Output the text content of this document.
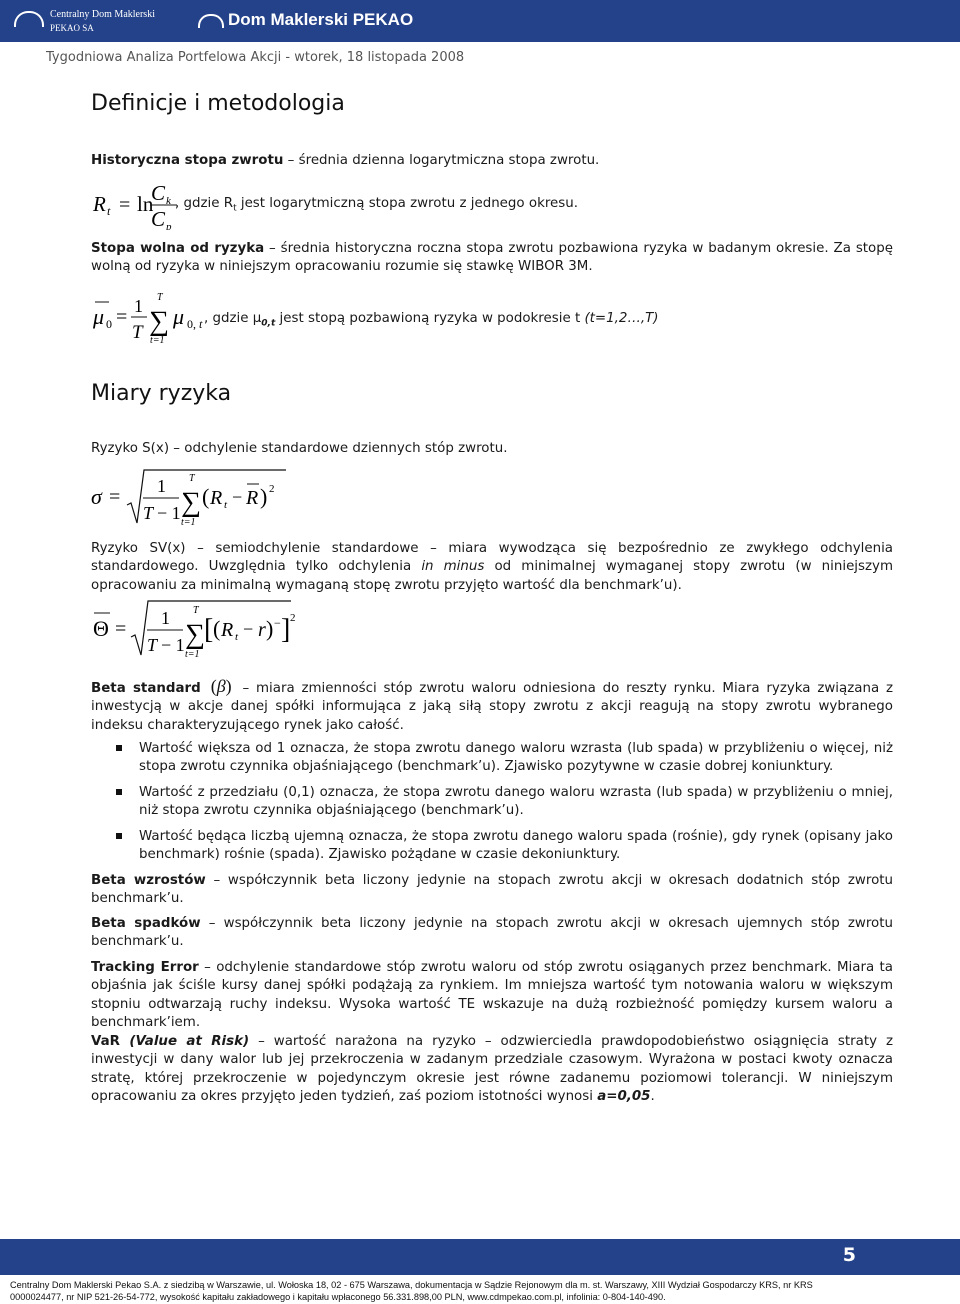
Centralny Dom Maklerski
PEKAO SA	Dom Maklerski PEKAO
Tygodniowa Analiza Portfelowa Akcji - wtorek, 18 listopada 2008
Definicje i metodologia
Historyczna stopa zwrotu – średnia dzienna logarytmiczna stopa zwrotu.
R t = ln
C k
C p
, gdzie $R_t$ jest logarytmiczną stopa zwrotu z jednego okresu.
Stopa wolna od ryzyka – średnia historyczna roczna stopa zwrotu pozbawiona ryzyka w badanym okresie. Za stopę wolną od ryzyka w niniejszym opracowaniu rozumie się stawkę WIBOR 3M.
μ 0 = 1
T
T
∑
t=1
μ 0, t , gdzie $\mu_{0,t}$ jest stopą pozbawioną ryzyka w podokresie t (t=1,2…,T)
Miary ryzyka
Ryzyko S(x) – odchylenie standardowe dziennych stóp zwrotu.
σ = 1
T − 1
T
∑
t=1
( R t − R ) 2
Ryzyko SV(x) – semiodchylenie standardowe – miara wywodząca się bezpośrednio ze zwykłego odchylenia standardowego. Uwzględnia tylko odchylenia in minus od minimalnej wymaganej stopy zwrotu (w niniejszym opracowaniu za minimalną wymaganą stopę zwrotu przyjęto wartość dla benchmark’u).
Θ = 1
T − 1
T
∑
t=1
[ ( R t − r ) − ] 2
Beta standard (β) – miara zmienności stóp zwrotu waloru odniesiona do reszty rynku. Miara ryzyka związana z inwestycją w akcje danej spółki informująca z jaką siłą stopy zwrotu z akcji reagują na stopy zwrotu wybranego indeksu charakteryzującego rynek jako całość.
Wartość większa od 1 oznacza, że stopa zwrotu danego waloru wzrasta (lub spada) w przybliżeniu o więcej, niż stopa zwrotu czynnika objaśniającego (benchmark’u). Zjawisko pozytywne w czasie dobrej koniunktury.
Wartość z przedziału (0,1) oznacza, że stopa zwrotu danego waloru wzrasta (lub spada) w przybliżeniu o mniej, niż stopa zwrotu czynnika objaśniającego (benchmark’u).
Wartość będąca liczbą ujemną oznacza, że stopa zwrotu danego waloru spada (rośnie), gdy rynek (opisany jako benchmark) rośnie (spada). Zjawisko pożądane w czasie dekoniunktury.
Beta wzrostów – współczynnik beta liczony jedynie na stopach zwrotu akcji w okresach dodatnich stóp zwrotu benchmark’u.
Beta spadków – współczynnik beta liczony jedynie na stopach zwrotu akcji w okresach ujemnych stóp zwrotu benchmark’u.
Tracking Error – odchylenie standardowe stóp zwrotu waloru od stóp zwrotu osiąganych przez benchmark. Miara ta objaśnia jak ściśle kursy danej spółki podążają za rynkiem. Im mniejsza wartość tym notowania waloru w większym stopniu odtwarzają ruchy indeksu. Wysoka wartość TE wskazuje na dużą rozbieżność pomiędzy kursem waloru a benchmark’iem.
VaR (Value at Risk) – wartość narażona na ryzyko – odzwierciedla prawdopodobieństwo osiągnięcia straty z inwestycji w dany walor lub jej przekroczenia w zadanym przedziale czasowym. Wyrażona w postaci kwoty oznacza stratę, której przekroczenie w pojedynczym okresie jest równe zadanemu poziomowi tolerancji. W niniejszym opracowaniu za okres przyjęto jeden tydzień, zaś poziom istotności wynosi a=0,05.
5
Centralny Dom Maklerski Pekao S.A. z siedzibą w Warszawie, ul. Wołoska 18, 02 - 675 Warszawa, dokumentacja w Sądzie Rejonowym dla m. st. Warszawy, XIII Wydział Gospodarczy KRS, nr KRS
0000024477, nr NIP 521-26-54-772, wysokość kapitału zakładowego i kapitału wpłaconego 56.331.898,00 PLN, www.cdmpekao.com.pl, infolinia: 0-804-140-490.
